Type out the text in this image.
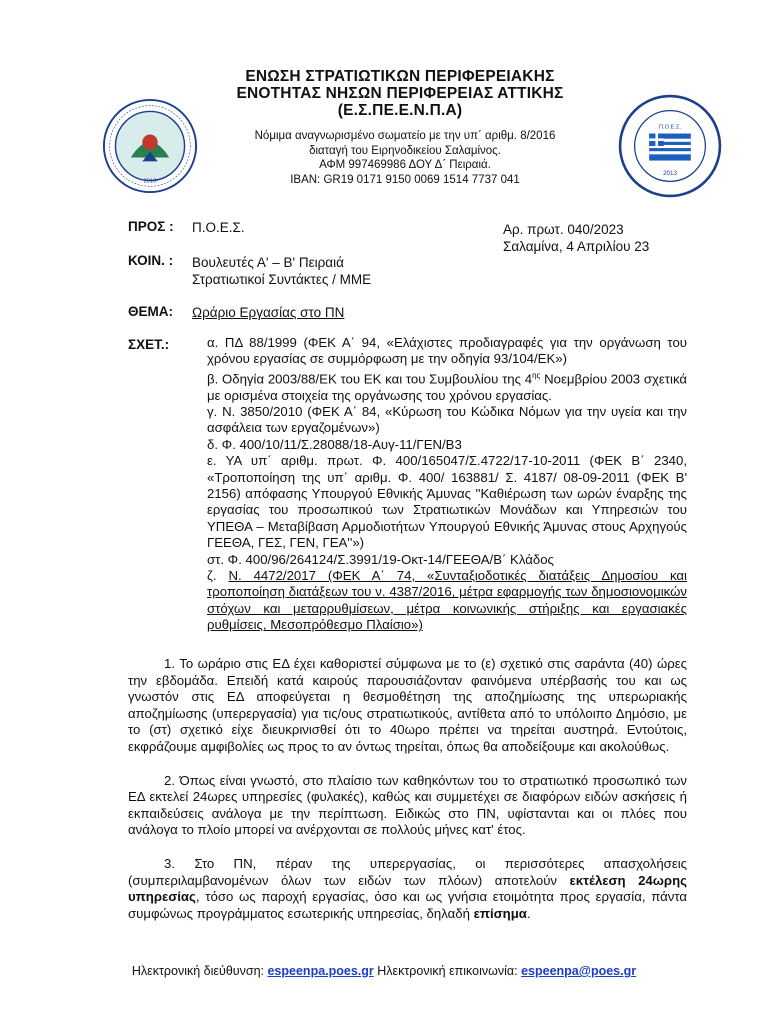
2016
Π.Ο.Ε.Σ.
2013
ΕΝΩΣΗ ΣΤΡΑΤΙΩΤΙΚΩΝ ΠΕΡΙΦΕΡΕΙΑΚΗΣ
ΕΝΟΤΗΤΑΣ ΝΗΣΩΝ ΠΕΡΙΦΕΡΕΙΑΣ ΑΤΤΙΚΗΣ
(Ε.Σ.ΠΕ.Ε.Ν.Π.Α)
Νόμιμα αναγνωρισμένο σωματείο με την υπ΄ αριθμ. 8/2016
διαταγή του Ειρηνοδικείου Σαλαμίνος.
ΑΦΜ 997469986 ΔΟΥ Δ΄ Πειραιά.
IBAN: GR19 0171 9150 0069 1514 7737 041
ΠΡΟΣ : Π.Ο.Ε.Σ.	Αρ. πρωτ. 040/2023
Σαλαμίνα, 4 Απριλίου 23
ΚΟΙΝ. : Βουλευτές Α' – Β' Πειραιά
Στρατιωτικοί Συντάκτες / ΜΜΕ
ΘΕΜΑ: Ωράριο Εργασίας στο ΠΝ
ΣΧΕΤ.:	α. ΠΔ 88/1999 (ΦΕΚ Α΄ 94, «Ελάχιστες προδιαγραφές για την οργάνωση του χρόνου εργασίας σε συμμόρφωση με την οδηγία 93/104/ΕΚ»)

β. Οδηγία 2003/88/ΕΚ του ΕΚ και του Συμβουλίου της $4^{\eta\varsigma}$ Νοεμβρίου 2003 σχετικά με ορισμένα στοιχεία της οργάνωσης του χρόνου εργασίας.

γ. Ν. 3850/2010 (ΦΕΚ Α΄ 84, «Κύρωση του Κώδικα Νόμων για την υγεία και την ασφάλεια των εργαζομένων»)

δ. Φ. 400/10/11/Σ.28088/18-Αυγ-11/ΓΕΝ/Β3

ε. ΥΑ υπ΄ αριθμ. πρωτ. Φ. 400/165047/Σ.4722/17-10-2011 (ΦΕΚ Β΄ 2340, «Τροποποίηση της υπ΄ αριθμ. Φ. 400/ 163881/ Σ. 4187/ 08-09-2011 (ΦΕΚ Β' 2156) απόφασης Υπουργού Εθνικής Άμυνας ''Καθιέρωση των ωρών έναρξης της εργασίας του προσωπικού των Στρατιωτικών Μονάδων και Υπηρεσιών του ΥΠΕΘΑ – Μεταβίβαση Αρμοδιοτήτων Υπουργού Εθνικής Άμυνας στους Αρχηγούς ΓΕΕΘΑ, ΓΕΣ, ΓΕΝ, ΓΕΑ''»)

στ. Φ. 400/96/264124/Σ.3991/19-Οκτ-14/ΓΕΕΘΑ/Β΄ Κλάδος

ζ. Ν. 4472/2017 (ΦΕΚ Α΄ 74, «Συνταξιοδοτικές διατάξεις Δημοσίου και τροποποίηση διατάξεων του ν. 4387/2016, μέτρα εφαρμογής των δημοσιονομικών στόχων και μεταρρυθμίσεων, μέτρα κοινωνικής στήριξης και εργασιακές ρυθμίσεις, Μεσοπρόθεσμο Πλαίσιο»)

1. Το ωράριο στις ΕΔ έχει καθοριστεί σύμφωνα με το (ε) σχετικό στις σαράντα (40) ώρες την εβδομάδα. Επειδή κατά καιρούς παρουσιάζονταν φαινόμενα υπέρβασής του και ως γνωστόν στις ΕΔ αποφεύγεται η θεσμοθέτηση της αποζημίωσης της υπερωριακής αποζημίωσης (υπερεργασία) για τις/ους στρατιωτικούς, αντίθετα από το υπόλοιπο Δημόσιο, με το (στ) σχετικό είχε διευκρινισθεί ότι το 40ωρο πρέπει να τηρείται αυστηρά. Εντούτοις, εκφράζουμε αμφιβολίες ως προς το αν όντως τηρείται, όπως θα αποδείξουμε και ακολούθως.

2. Όπως είναι γνωστό, στο πλαίσιο των καθηκόντων του το στρατιωτικό προσωπικό των ΕΔ εκτελεί 24ωρες υπηρεσίες (φυλακές), καθώς και συμμετέχει σε διαφόρων ειδών ασκήσεις ή εκπαιδεύσεις ανάλογα με την περίπτωση. Ειδικώς στο ΠΝ, υφίστανται και οι πλόες που ανάλογα το πλοίο μπορεί να ανέρχονται σε πολλούς μήνες κατ' έτος.

3. Στο ΠΝ, πέραν της υπερεργασίας, οι περισσότερες απασχολήσεις (συμπεριλαμβανομένων όλων των ειδών των πλόων) αποτελούν εκτέλεση 24ωρης υπηρεσίας, τόσο ως παροχή εργασίας, όσο και ως γνήσια ετοιμότητα προς εργασία, πάντα συμφώνως προγράμματος εσωτερικής υπηρεσίας, δηλαδή επίσημα.

Ηλεκτρονική διεύθυνση: espeenpa.poes.gr Ηλεκτρονική επικοινωνία: espeenpa@poes.gr
